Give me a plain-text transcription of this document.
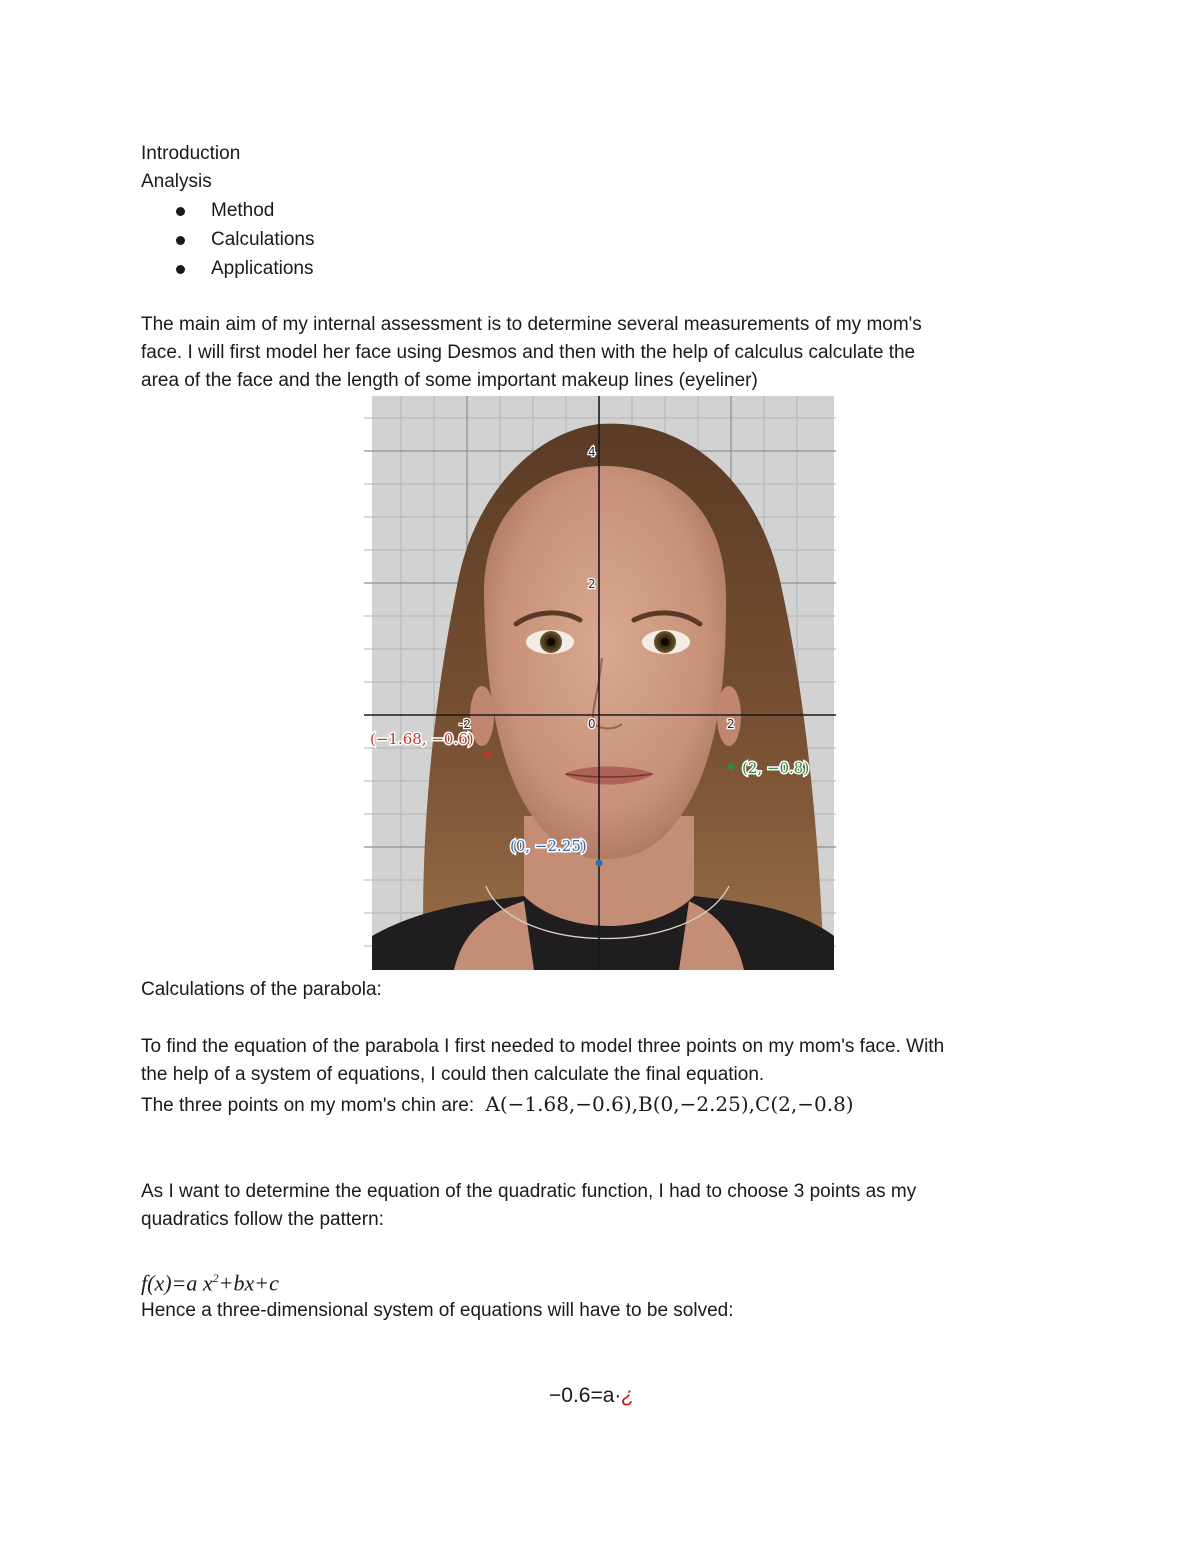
Introduction
Analysis
Method
Calculations
Applications
The main aim of my internal assessment is to determine several measurements of my mom's
face. I will first model her face using Desmos and then with the help of calculus calculate the
area of the face and the length of some important makeup lines (eyeliner)
4
2
0
-2	2
(−1.68, −0.6)
(2, −0.8)
(0, −2.25)
Calculations of the parabola:
To find the equation of the parabola I first needed to model three points on my mom's face. With
the help of a system of equations, I could then calculate the final equation.
The three points on my mom's chin are: A(−1.68,−0.6),B(0,−2.25),C(2,−0.8)
As I want to determine the equation of the quadratic function, I had to choose 3 points as my
quadratics follow the pattern:
f(x)=a $x^2+bx+c$
Hence a three-dimensional system of equations will have to be solved:
−0.6=a·¿
